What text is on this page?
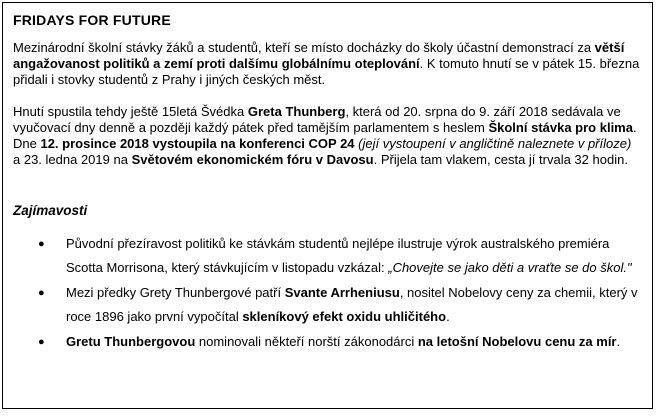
FRIDAYS FOR FUTURE
Mezinárodní školní stávky žáků a studentů, kteří se místo docházky do školy účastní demonstrací za větší angažovanost politiků a zemí proti dalšímu globálnímu oteplování. K tomuto hnutí se v pátek 15. března přidali i stovky studentů z Prahy i jiných českých měst.
Hnutí spustila tehdy ještě 15letá Švédka Greta Thunberg, která od 20. srpna do 9. září 2018 sedávala ve vyučovací dny denně a později každý pátek před tamějším parlamentem s heslem Školní stávka pro klima. Dne 12. prosince 2018 vystoupila na konferenci COP 24 (její vystoupení v angličtině naleznete v příloze) a 23. ledna 2019 na Světovém ekonomickém fóru v Davosu. Přijela tam vlakem, cesta jí trvala 32 hodin.
Zajímavosti
● Původní přezíravost politiků ke stávkám studentů nejlépe ilustruje výrok australského premiéra Scotta Morrisona, který stávkujícím v listopadu vzkázal: „Chovejte se jako děti a vraťte se do škol."
● Mezi předky Grety Thunbergové patří Svante Arrheniusu, nositel Nobelovy ceny za chemii, který v roce 1896 jako první vypočítal skleníkový efekt oxidu uhličitého.
● Gretu Thunbergovou nominovali někteří norští zákonodárci na letošní Nobelovu cenu za mír.
